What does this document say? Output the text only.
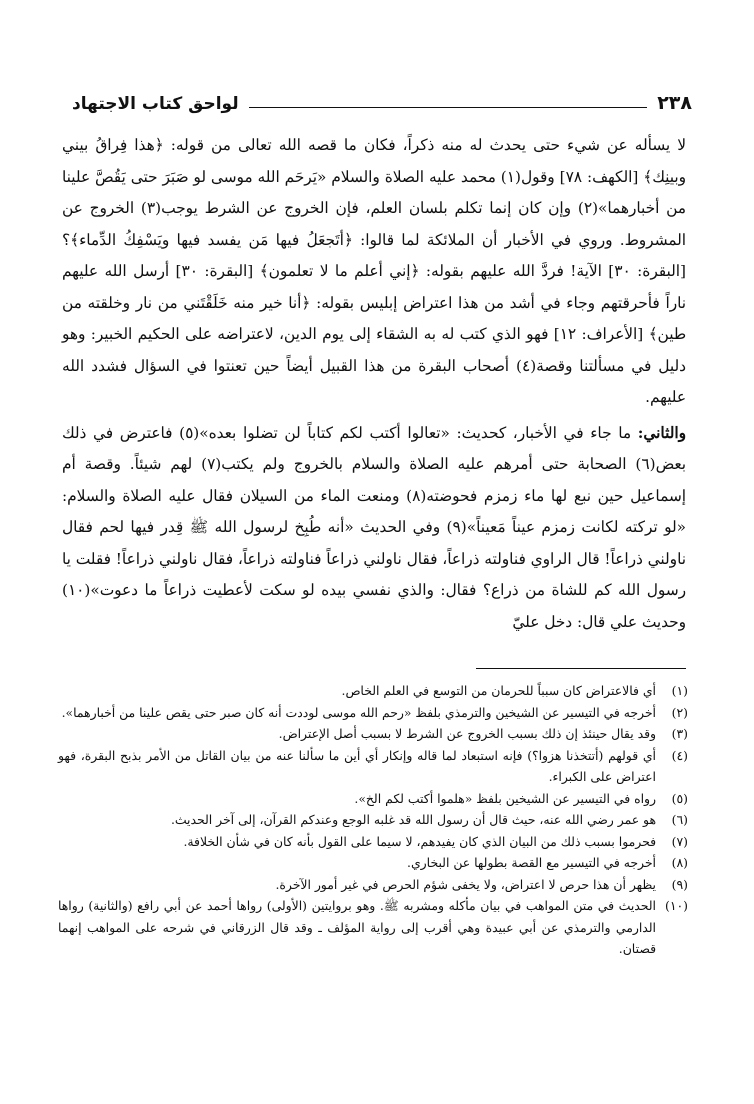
لواحق كتاب الاجتهاد	٢٣٨

لا يسأله عن شيء حتى يحدث له منه ذكراً، فكان ما قصه الله تعالى من قوله: ﴿هذا فِراقُ بيني وبينِك﴾ [الكهف: ٧٨] وقول(١) محمد عليه الصلاة والسلام «يَرحَم الله موسى لو صَبَرَ حتى يَقُصَّ علينا من أخبارهما»(٢) وإن كان إنما تكلم بلسان العلم، فإن الخروج عن الشرط يوجب(٣) الخروج عن المشروط. وروي في الأخبار أن الملائكة لما قالوا: ﴿أتَجعَلُ فيها مَن يفسد فيها ويَسْفِكُ الدِّماء﴾؟ [البقرة: ٣٠] الآية! فردَّ الله عليهم بقوله: ﴿إني أعلم ما لا تعلمون﴾ [البقرة: ٣٠] أرسل الله عليهم ناراً فأحرقتهم وجاء في أشد من هذا اعتراض إبليس بقوله: ﴿أنا خير منه خَلَقْتَني من نار وخلقته من طين﴾ [الأعراف: ١٢] فهو الذي كتب له به الشقاء إلى يوم الدين، لاعتراضه على الحكيم الخبير: وهو دليل في مسألتنا وقصة(٤) أصحاب البقرة من هذا القبيل أيضاً حين تعنتوا في السؤال فشدد الله عليهم.

والثاني: ما جاء في الأخبار، كحديث: «تعالوا أكتب لكم كتاباً لن تضلوا بعده»(٥) فاعترض في ذلك بعض(٦) الصحابة حتى أمرهم عليه الصلاة والسلام بالخروج ولم يكتب(٧) لهم شيئاً. وقصة أم إسماعيل حين نبع لها ماء زمزم فحوضته(٨) ومنعت الماء من السيلان فقال عليه الصلاة والسلام: «لو تركته لكانت زمزم عيناً مَعيناً»(٩) وفي الحديث «أنه طُبِخ لرسول الله ﷺ قِدر فيها لحم فقال ناولني ذراعاً! قال الراوي فناولته ذراعاً، فقال ناولني ذراعاً فناولته ذراعاً، فقال ناولني ذراعاً! فقلت يا رسول الله كم للشاة من ذراع؟ فقال: والذي نفسي بيده لو سكت لأعطيت ذراعاً ما دعوت»(١٠) وحديث علي قال: دخل عليّ

(١)
أي فالاعتراض كان سبباً للحرمان من التوسع في العلم الخاص.
(٢)
أخرجه في التيسير عن الشيخين والترمذي بلفظ «رحم الله موسى لوددت أنه كان صبر حتى يقص علينا من أخبارهما».
(٣)
وقد يقال حينئذ إن ذلك بسبب الخروج عن الشرط لا بسبب أصل الإعتراض.
(٤)
أي قولهم (أتتخذنا هزوا؟) فإنه استبعاد لما قاله وإنكار أي أين ما سألنا عنه من بيان القاتل من الأمر بذبح البقرة، فهو اعتراض على الكبراء.
(٥)
رواه في التيسير عن الشيخين بلفظ «هلموا أكتب لكم الخ».
(٦)
هو عمر رضي الله عنه، حيث قال أن رسول الله قد غلبه الوجع وعندكم القرآن، إلى آخر الحديث.
(٧)
فحرموا بسبب ذلك من البيان الذي كان يفيدهم، لا سيما على القول بأنه كان في شأن الخلافة.
(٨)
أخرجه في التيسير مع القصة بطولها عن البخاري.
(٩)
يظهر أن هذا حرص لا اعتراض، ولا يخفى شؤم الحرص في غير أمور الآخرة.
(١٠)
الحديث في متن المواهب في بيان مأكله ومشربه ﷺ. وهو بروايتين (الأولى) رواها أحمد عن أبي رافع (والثانية) رواها الدارمي والترمذي عن أبي عبيدة وهي أقرب إلى رواية المؤلف ـ وقد قال الزرقاني في شرحه على المواهب إنهما قصتان.
